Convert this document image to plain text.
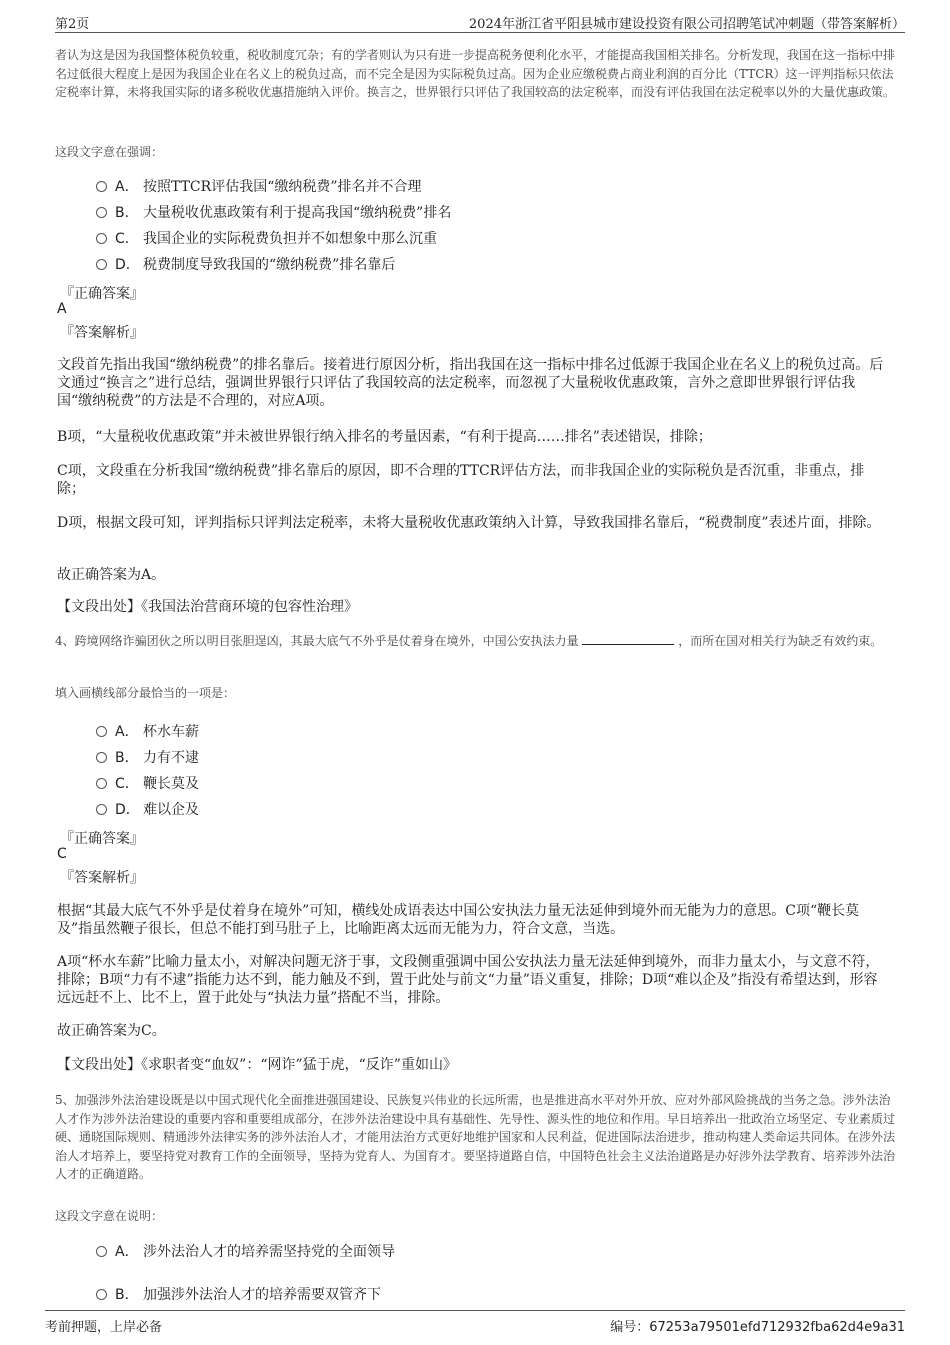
第2页	2024年浙江省平阳县城市建设投资有限公司招聘笔试冲刺题（带答案解析）
者认为这是因为我国整体税负较重，税收制度冗杂；有的学者则认为只有进一步提高税务便利化水平，才能提高我国相关排名。分析发现，我国在这一指标中排名过低很大程度上是因为我国企业在名义上的税负过高，而不完全是因为实际税负过高。因为企业应缴税费占商业利润的百分比（TTCR）这一评判指标只依法定税率计算，未将我国实际的诸多税收优惠措施纳入评价。换言之，世界银行只评估了我国较高的法定税率，而没有评估我国在法定税率以外的大量优惠政策。
这段文字意在强调：
A． 按照TTCR评估我国“缴纳税费”排名并不合理
B． 大量税收优惠政策有利于提高我国“缴纳税费”排名
C． 我国企业的实际税费负担并不如想象中那么沉重
D． 税费制度导致我国的“缴纳税费”排名靠后
『正确答案』
A
『答案解析』
文段首先指出我国“缴纳税费”的排名靠后。接着进行原因分析，指出我国在这一指标中排名过低源于我国企业在名义上的税负过高。后文通过“换言之”进行总结，强调世界银行只评估了我国较高的法定税率，而忽视了大量税收优惠政策，言外之意即世界银行评估我国“缴纳税费”的方法是不合理的，对应A项。
B项，“大量税收优惠政策”并未被世界银行纳入排名的考量因素，“有利于提高……排名”表述错误，排除；
C项，文段重在分析我国“缴纳税费”排名靠后的原因，即不合理的TTCR评估方法，而非我国企业的实际税负是否沉重，非重点，排除；
D项，根据文段可知，评判指标只评判法定税率，未将大量税收优惠政策纳入计算，导致我国排名靠后，“税费制度”表述片面，排除。
故正确答案为A。
【文段出处】《我国法治营商环境的包容性治理》
4、跨境网络诈骗团伙之所以明目张胆逞凶，其最大底气不外乎是仗着身在境外，中国公安执法力量	，而所在国对相关行为缺乏有效约束。
填入画横线部分最恰当的一项是：
A． 杯水车薪
B． 力有不逮
C． 鞭长莫及
D． 难以企及
『正确答案』
C
『答案解析』
根据“其最大底气不外乎是仗着身在境外”可知，横线处成语表达中国公安执法力量无法延伸到境外而无能为力的意思。C项“鞭长莫及”指虽然鞭子很长，但总不能打到马肚子上，比喻距离太远而无能为力，符合文意，当选。
A项“杯水车薪”比喻力量太小，对解决问题无济于事，文段侧重强调中国公安执法力量无法延伸到境外，而非力量太小，与文意不符，排除；B项“力有不逮”指能力达不到，能力触及不到，置于此处与前文“力量”语义重复，排除；D项“难以企及”指没有希望达到，形容远远赶不上、比不上，置于此处与“执法力量”搭配不当，排除。
故正确答案为C。
【文段出处】《求职者变“血奴”：“网诈”猛于虎，“反诈”重如山》
5、加强涉外法治建设既是以中国式现代化全面推进强国建设、民族复兴伟业的长远所需，也是推进高水平对外开放、应对外部风险挑战的当务之急。涉外法治人才作为涉外法治建设的重要内容和重要组成部分，在涉外法治建设中具有基础性、先导性、源头性的地位和作用。早日培养出一批政治立场坚定、专业素质过硬、通晓国际规则、精通涉外法律实务的涉外法治人才，才能用法治方式更好地维护国家和人民利益，促进国际法治进步，推动构建人类命运共同体。在涉外法治人才培养上，要坚持党对教育工作的全面领导，坚持为党育人、为国育才。要坚持道路自信，中国特色社会主义法治道路是办好涉外法学教育、培养涉外法治人才的正确道路。
这段文字意在说明：
A． 涉外法治人才的培养需坚持党的全面领导
B． 加强涉外法治人才的培养需要双管齐下
考前押题，上岸必备	编号：67253a79501efd712932fba62d4e9a31
